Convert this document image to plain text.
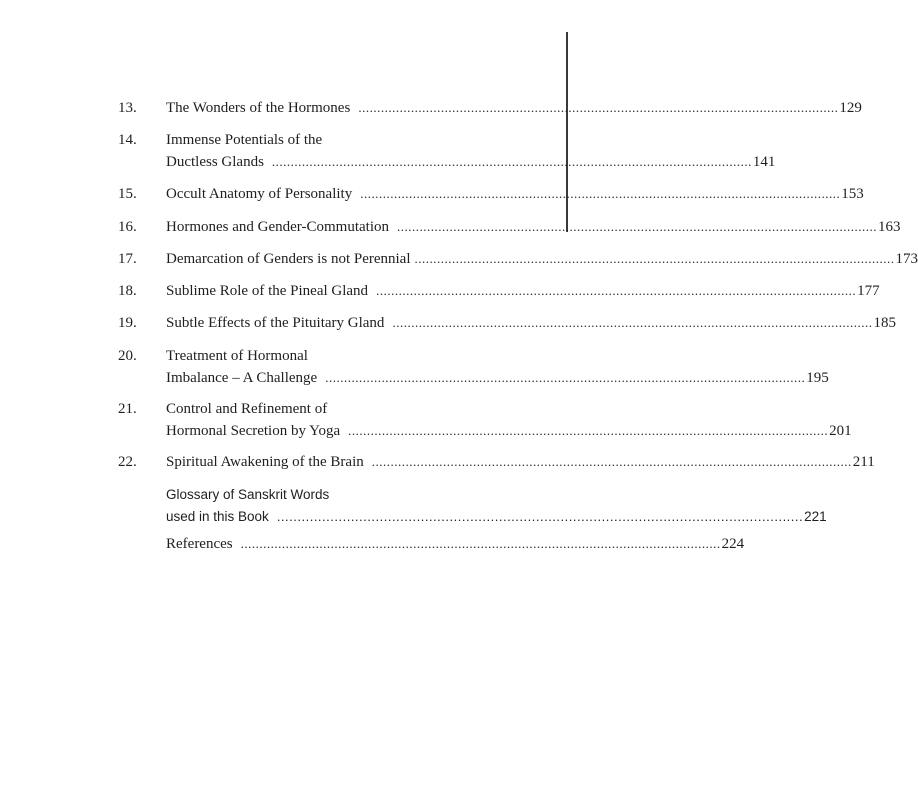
13.	The Wonders of the Hormones ................................................................................................................................ 129
14.	Immense Potentials of the
Ductless Glands ................................................................................................................................ 141
15.	Occult Anatomy of Personality ................................................................................................................................ 153
16.	Hormones and Gender-Commutation ................................................................................................................................ 163
17.	Demarcation of Genders is not Perennial ................................................................................................................................ 173
18.	Sublime Role of the Pineal Gland ................................................................................................................................ 177
19.	Subtle Effects of the Pituitary Gland ................................................................................................................................ 185
20.	Treatment of Hormonal
Imbalance – A Challenge ................................................................................................................................ 195
21.	Control and Refinement of
Hormonal Secretion by Yoga ................................................................................................................................ 201
22.	Spiritual Awakening of the Brain ................................................................................................................................ 211
Glossary of Sanskrit Words
used in this Book ................................................................................................................................ 221
References ................................................................................................................................ 224
